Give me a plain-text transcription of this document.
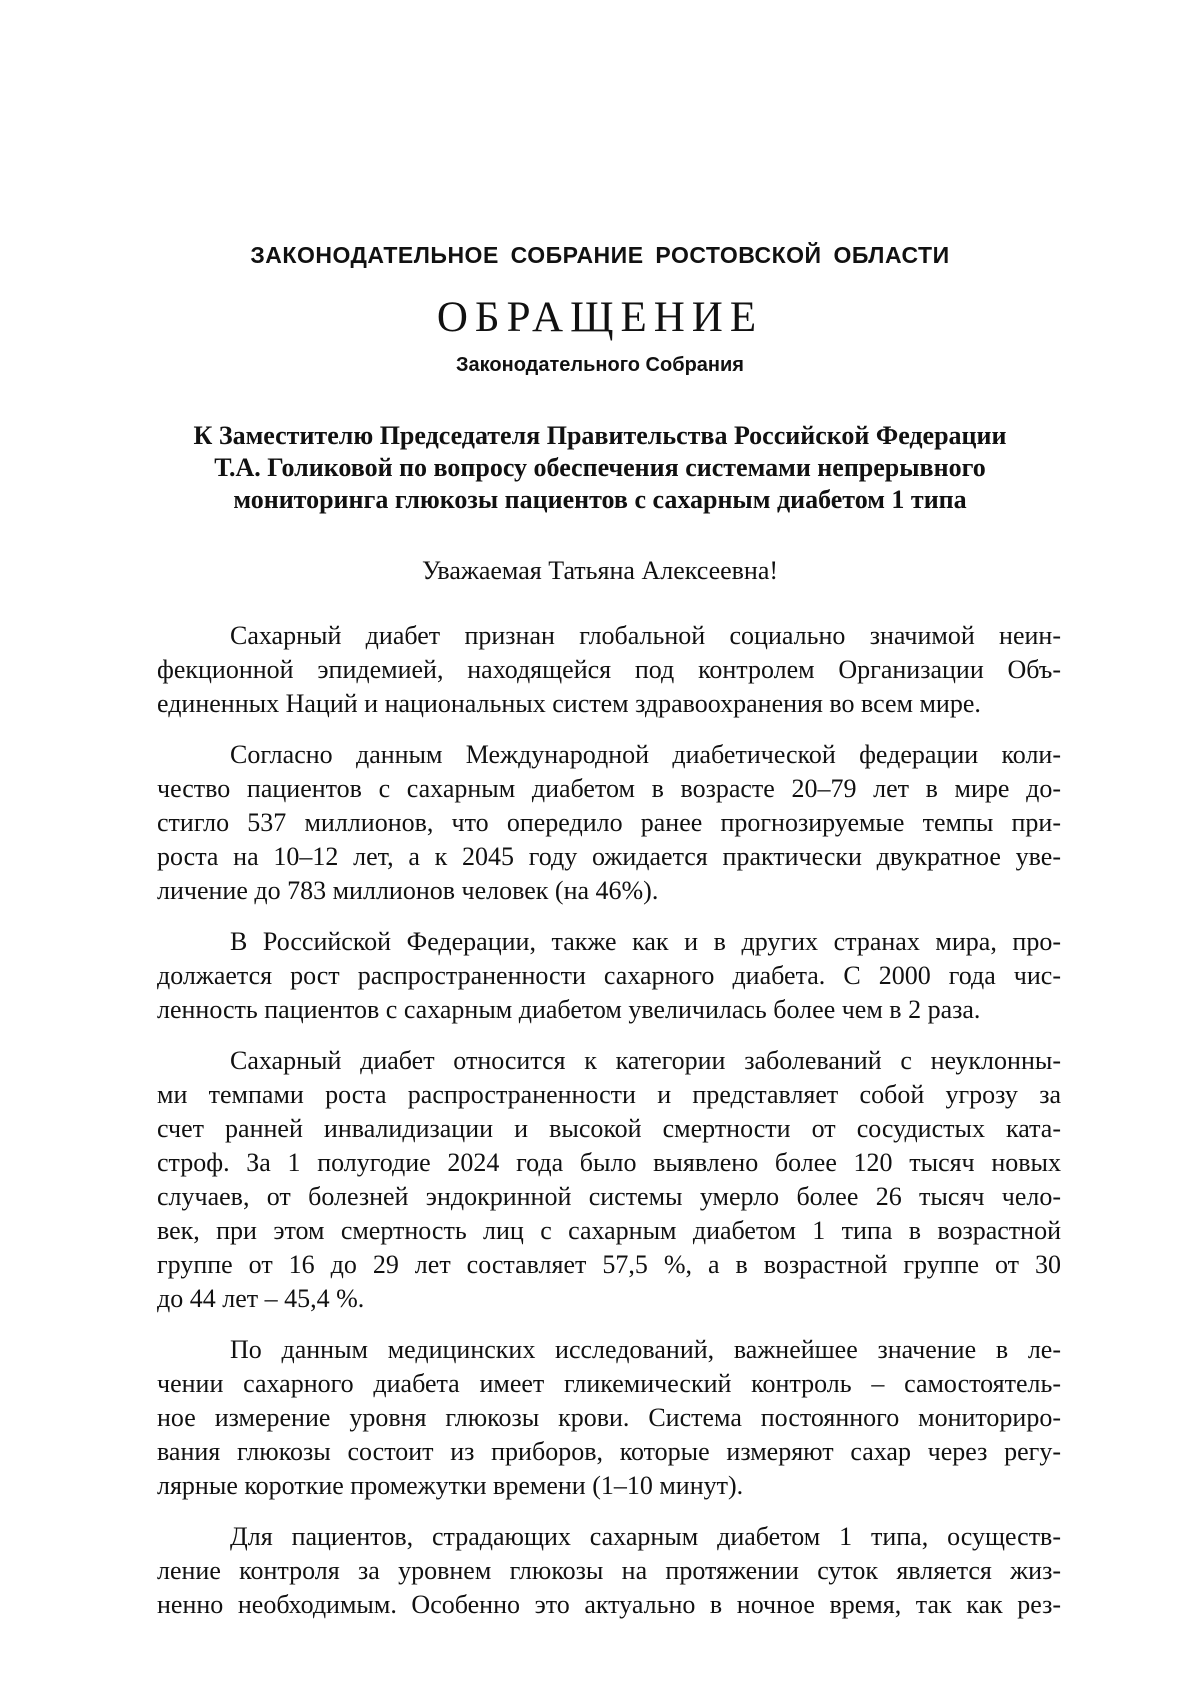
ЗАКОНОДАТЕЛЬНОЕ СОБРАНИЕ РОСТОВСКОЙ ОБЛАСТИ
ОБРАЩЕНИЕ
Законодательного Собрания
К Заместителю Председателя Правительства Российской Федерации
Т.А. Голиковой по вопросу обеспечения системами непрерывного
мониторинга глюкозы пациентов с сахарным диабетом 1 типа
Уважаемая Татьяна Алексеевна!
Сахарный диабет признан глобальной социально значимой неин-
фекционной эпидемией, находящейся под контролем Организации Объ-
единенных Наций и национальных систем здравоохранения во всем мире.
Согласно данным Международной диабетической федерации коли-
чество пациентов с сахарным диабетом в возрасте 20–79 лет в мире до-
стигло 537 миллионов, что опередило ранее прогнозируемые темпы при-
роста на 10–12 лет, а к 2045 году ожидается практически двукратное уве-
личение до 783 миллионов человек (на 46%).
В Российской Федерации, также как и в других странах мира, про-
должается рост распространенности сахарного диабета. С 2000 года чис-
ленность пациентов с сахарным диабетом увеличилась более чем в 2 раза.
Сахарный диабет относится к категории заболеваний с неуклонны-
ми темпами роста распространенности и представляет собой угрозу за
счет ранней инвалидизации и высокой смертности от сосудистых ката-
строф. За 1 полугодие 2024 года было выявлено более 120 тысяч новых
случаев, от болезней эндокринной системы умерло более 26 тысяч чело-
век, при этом смертность лиц с сахарным диабетом 1 типа в возрастной
группе от 16 до 29 лет составляет 57,5 %, а в возрастной группе от 30
до 44 лет – 45,4 %.
По данным медицинских исследований, важнейшее значение в ле-
чении сахарного диабета имеет гликемический контроль – самостоятель-
ное измерение уровня глюкозы крови. Система постоянного мониториро-
вания глюкозы состоит из приборов, которые измеряют сахар через регу-
лярные короткие промежутки времени (1–10 минут).
Для пациентов, страдающих сахарным диабетом 1 типа, осуществ-
ление контроля за уровнем глюкозы на протяжении суток является жиз-
ненно необходимым. Особенно это актуально в ночное время, так как рез-
